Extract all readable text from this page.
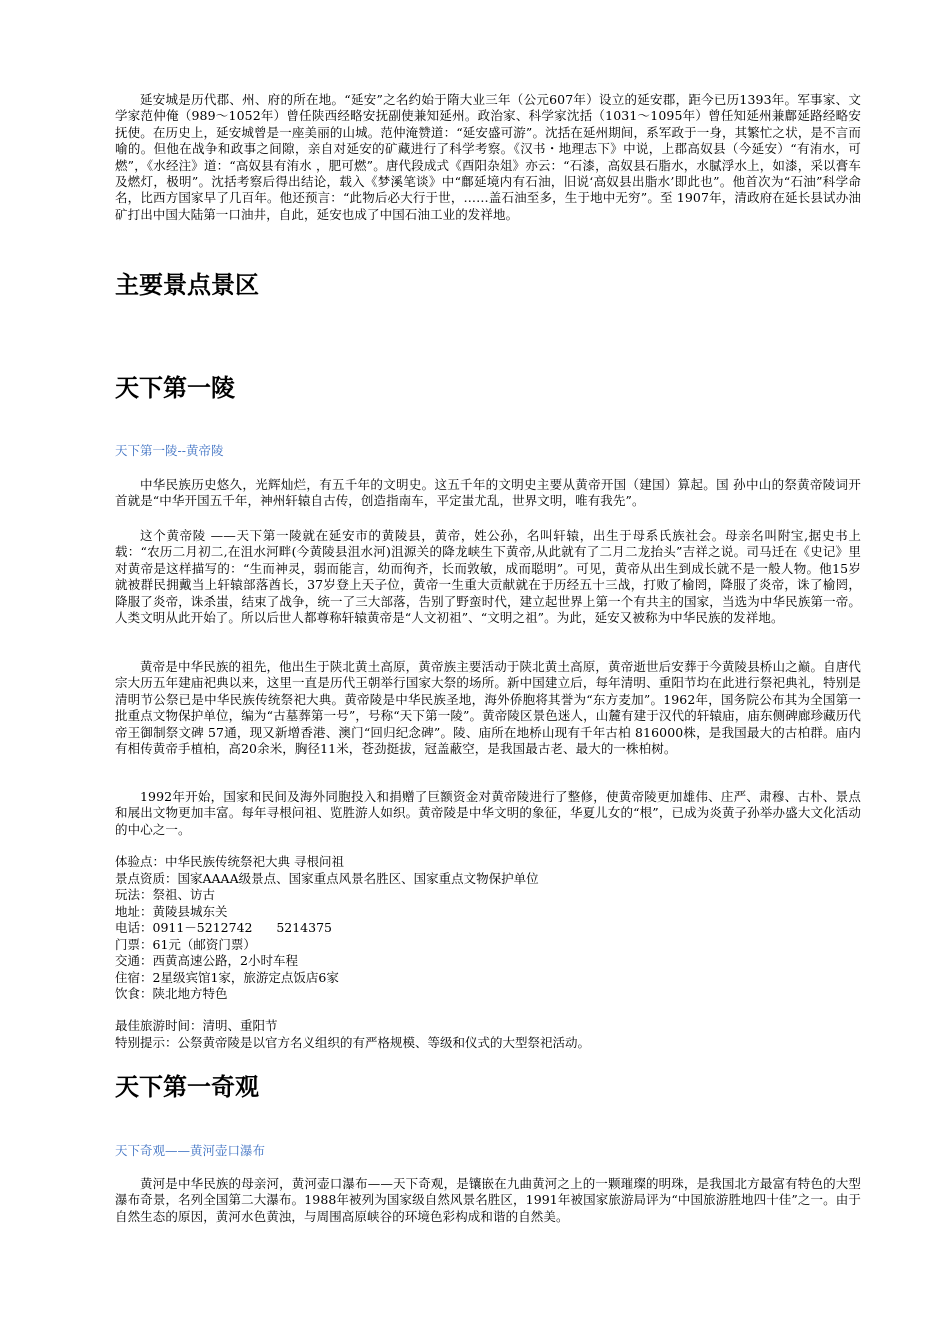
延安城是历代郡、州、府的所在地。“延安”之名约始于隋大业三年（公元607年）设立的延安郡，距今已历1393年。军事家、文学家范仲俺（989～1052年）曾任陕西经略安抚副使兼知延州。政治家、科学家沈括（1031～1095年）曾任知延州兼鄜延路经略安抚使。在历史上，延安城曾是一座美丽的山城。范仲淹赞道：“延安盛可游”。沈括在延州期间，系军政于一身，其繁忙之状，是不言而喻的。但他在战争和政事之间隙，亲自对延安的矿藏进行了科学考察。《汉书・地理志下》中说，上郡高奴县（今延安）“有洧水，可燃”，《水经注》道：“高奴县有洧水 ，肥可燃”。唐代段成式《酉阳杂俎》亦云：“石漆，高奴县石脂水，水腻浮水上，如漆，采以膏车及燃灯，极明”。沈括考察后得出结论，载入《梦溪笔谈》中“鄜延境内有石油，旧说‘高奴县出脂水’即此也”。他首次为“石油”科学命名，比西方国家早了几百年。他还预言：“此物后必大行于世，……盖石油至多，生于地中无穷”。至 1907年，清政府在延长县试办油矿打出中国大陆第一口油井，自此，延安也成了中国石油工业的发祥地。

主要景点景区
天下第一陵
天下第一陵--黄帝陵

中华民族历史悠久，光辉灿烂，有五千年的文明史。这五千年的文明史主要从黄帝开国（建国）算起。国 孙中山的祭黄帝陵词开首就是“中华开国五千年，神州轩辕自古传，创造指南车，平定蚩尤乱，世界文明，唯有我先”。

这个黄帝陵 ——天下第一陵就在延安市的黄陵县，黄帝，姓公孙，名叫轩辕，出生于母系氏族社会。母亲名叫附宝,据史书上载：“农历二月初二,在沮水河畔(今黄陵县沮水河)沮源关的降龙峡生下黄帝,从此就有了二月二龙抬头”吉祥之说。司马迁在《史记》里对黄帝是这样描写的：“生而神灵，弱而能言，幼而徇齐，长而敦敏，成而聪明”。可见，黄帝从出生到成长就不是一般人物。他15岁就被群民拥戴当上轩辕部落酋长，37岁登上天子位，黄帝一生重大贡献就在于历经五十三战，打败了榆罔，降服了炎帝，诛了榆罔，降服了炎帝，诛杀蚩，结束了战争，统一了三大部落，告别了野蛮时代，建立起世界上第一个有共主的国家，当选为中华民族第一帝。人类文明从此开始了。所以后世人都尊称轩辕黄帝是“人文初祖”、“文明之祖”。为此，延安又被称为中华民族的发祥地。

黄帝是中华民族的祖先，他出生于陕北黄土高原，黄帝族主要活动于陕北黄土高原，黄帝逝世后安葬于今黄陵县桥山之巅。自唐代宗大历五年建庙祀典以来，这里一直是历代王朝举行国家大祭的场所。新中国建立后，每年清明、重阳节均在此进行祭祀典礼，特别是清明节公祭已是中华民族传统祭祀大典。黄帝陵是中华民族圣地，海外侨胞将其誉为“东方麦加”。1962年，国务院公布其为全国第一批重点文物保护单位，编为“古墓葬第一号”，号称“天下第一陵”。黄帝陵区景色迷人，山麓有建于汉代的轩辕庙，庙东侧碑廊珍藏历代帝王御制祭文碑 57通，现又新增香港、澳门“回归纪念碑”。陵、庙所在地桥山现有千年古柏 816000株，是我国最大的古柏群。庙内有相传黄帝手植柏，高20余米，胸径11米，苍劲挺拔，冠盖蔽空，是我国最古老、最大的一株柏树。

1992年开始，国家和民间及海外同胞投入和捐赠了巨额资金对黄帝陵进行了整修，使黄帝陵更加雄伟、庄严、肃穆、古朴、景点和展出文物更加丰富。每年寻根问祖、览胜游人如织。黄帝陵是中华文明的象征，华夏儿女的“根”，已成为炎黄子孙举办盛大文化活动的中心之一。

体验点：中华民族传统祭祀大典 寻根问祖
景点资质：国家AAAA级景点、国家重点风景名胜区、国家重点文物保护单位
玩法：祭祖、访古
地址：黄陵县城东关
电话：0911－5212742      5214375
门票：61元（邮资门票）
交通：西黄高速公路，2小时车程
住宿：2星级宾馆1家，旅游定点饭店6家
饮食：陕北地方特色
最佳旅游时间：清明、重阳节
特别提示：公祭黄帝陵是以官方名义组织的有严格规模、等级和仪式的大型祭祀活动。
天下第一奇观
天下奇观——黄河壶口瀑布

黄河是中华民族的母亲河，黄河壶口瀑布——天下奇观，是镶嵌在九曲黄河之上的一颗璀璨的明珠，是我国北方最富有特色的大型瀑布奇景，名列全国第二大瀑布。1988年被列为国家级自然风景名胜区，1991年被国家旅游局评为“中国旅游胜地四十佳”之一。由于自然生态的原因，黄河水色黄浊，与周围高原峡谷的环境色彩构成和谐的自然美。
